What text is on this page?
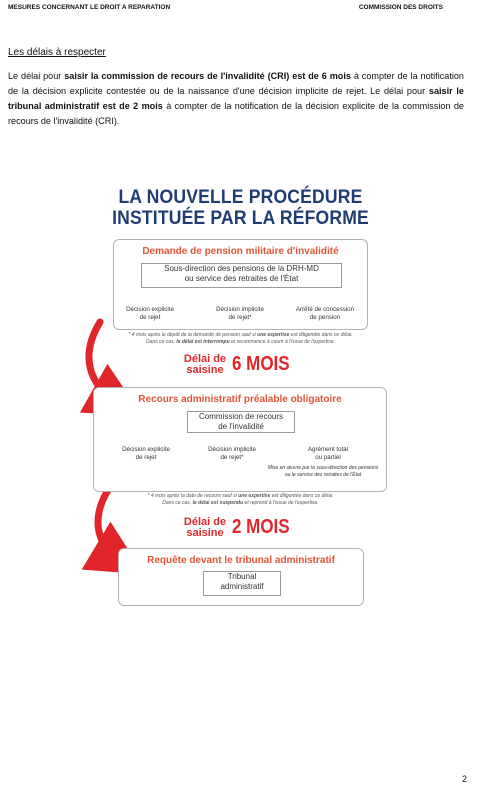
MESURES CONCERNANT LE DROIT A REPARATION	COMMISSION DES DROITS
Les délais à respecter
Le délai pour saisir la commission de recours de l'invalidité (CRI) est de 6 mois à compter de la notification de la décision explicite contestée ou de la naissance d'une décision implicite de rejet. Le délai pour saisir le tribunal administratif est de 2 mois à compter de la notification de la décision explicite de la commission de recours de l'invalidité (CRI).
LA NOUVELLE PROCÉDURE
INSTITUÉE PAR LA RÉFORME
Demande de pension militaire d'invalidité
Sous-direction des pensions de la DRH-MD
ou service des retraites de l'État
Décision explicite
de rejet
Décision implicite
de rejet*
Arrêté de concession
de pension
* 4 mois après le dépôt de la demande de pension sauf si une expertise est diligentée dans ce délai.
Dans ce cas, le délai est interrompu et recommence à courir à l'issue de l'expertise.
Délai de
saisine 6 MOIS
Recours administratif préalable obligatoire
Commission de recours
de l'invalidité
Décision explicite
de rejet
Décision implicite
de rejet*
Agrément total
ou partiel
Mise en œuvre par la sous-direction des pensions
ou le service des retraites de l'État
* 4 mois après la date de recours sauf si une expertise est diligentée dans ce délai.
Dans ce cas, le délai est suspendu et reprend à l'issue de l'expertise.
Délai de
saisine 2 MOIS
Requête devant le tribunal administratif
Tribunal
administratif
2
